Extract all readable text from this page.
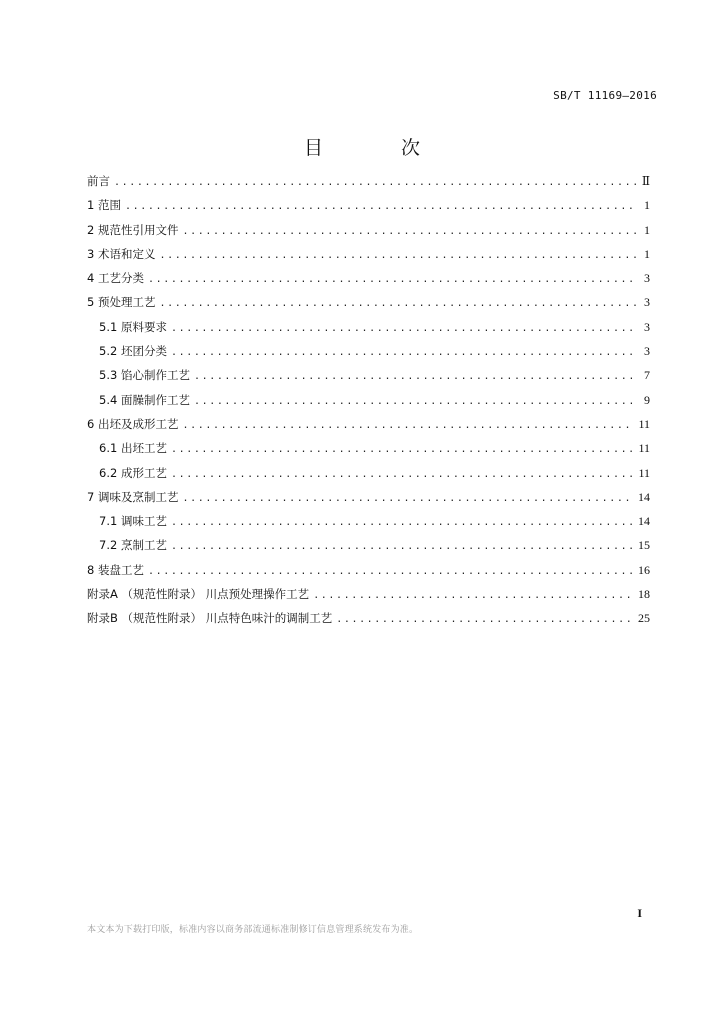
SB/T 11169—2016
目 次
前言 .....	Ⅱ
1 范围 .....	1
2 规范性引用文件 .....	1
3 术语和定义 .....	1
4 工艺分类 .....	3
5 预处理工艺 .....	3
5.1 原料要求 .....	3
5.2 坯团分类 .....	3
5.3 馅心制作工艺 .....	7
5.4 面臊制作工艺 .....	9
6 出坯及成形工艺 .....	11
6.1 出坯工艺 .....	11
6.2 成形工艺 .....	11
7 调味及烹制工艺 .....	14
7.1 调味工艺 .....	14
7.2 烹制工艺 .....	15
8 装盘工艺 .....	16
附录A （规范性附录） 川点预处理操作工艺 .....	18
附录B （规范性附录） 川点特色味汁的调制工艺 .....	25
I
本文本为下载打印版，标准内容以商务部流通标准制修订信息管理系统发布为准。
